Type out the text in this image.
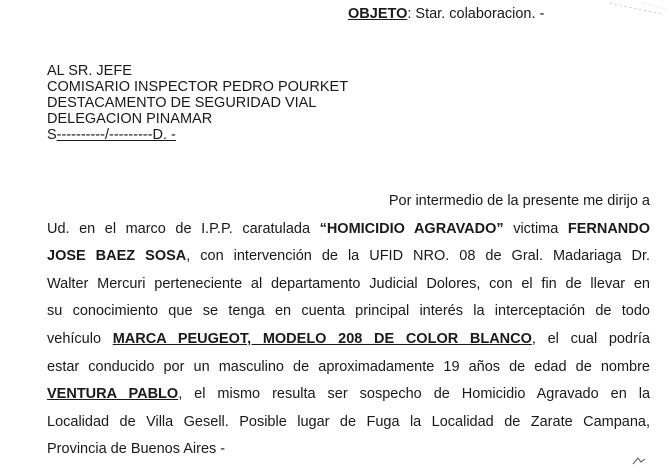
OBJETO: Star. colaboracion. -
AL SR. JEFE
COMISARIO INSPECTOR PEDRO POURKET
DESTACAMENTO DE SEGURIDAD VIAL
DELEGACION PINAMAR
S----------/---------D. -
Por intermedio de la presente me dirijo a
Ud. en el marco de I.P.P. caratulada “HOMICIDIO AGRAVADO” victima FERNANDO
JOSE BAEZ SOSA, con intervención de la UFID NRO. 08 de Gral. Madariaga Dr.
Walter Mercuri perteneciente al departamento Judicial Dolores, con el fin de llevar en
su conocimiento que se tenga en cuenta principal interés la interceptación de todo
vehículo MARCA PEUGEOT, MODELO 208 DE COLOR BLANCO, el cual podría
estar conducido por un masculino de aproximadamente 19 años de edad de nombre
VENTURA PABLO, el mismo resulta ser sospecho de Homicidio Agravado en la
Localidad de Villa Gesell. Posible lugar de Fuga la Localidad de Zarate Campana,
Provincia de Buenos Aires -
